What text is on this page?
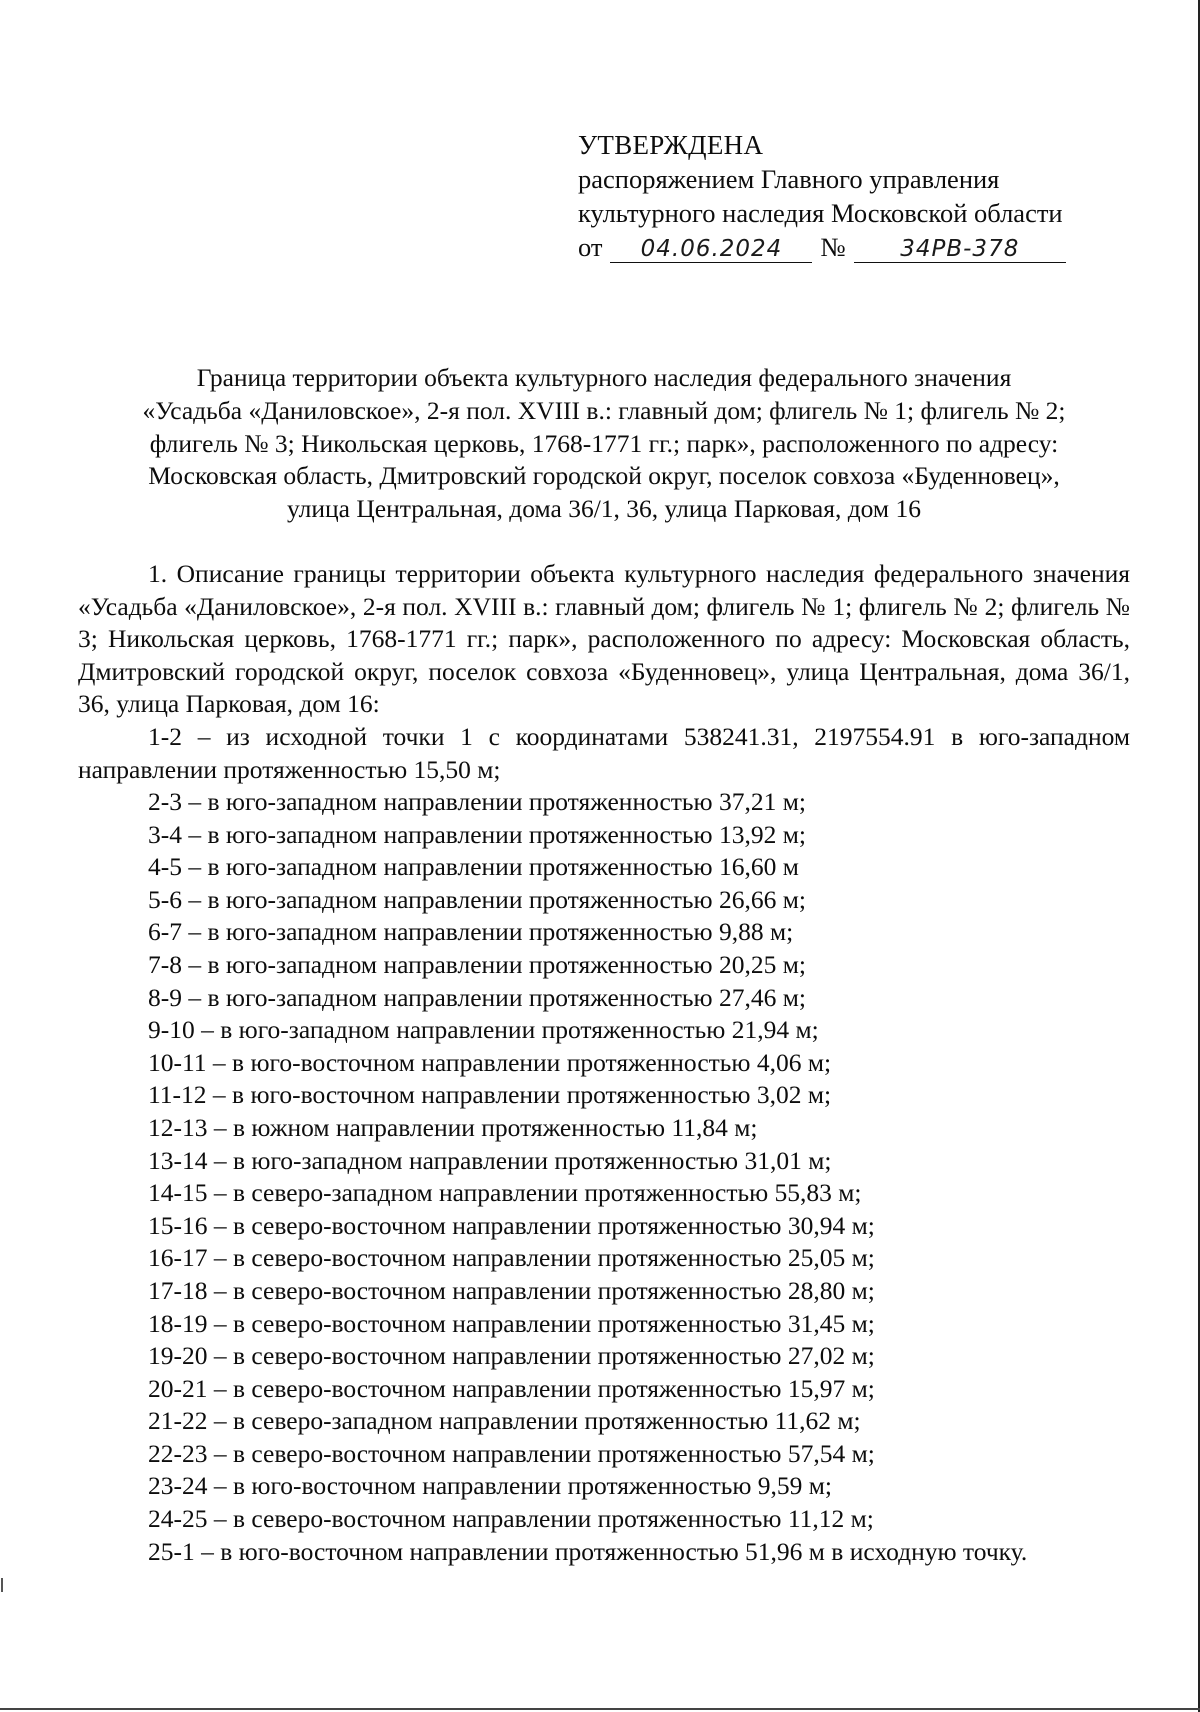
УТВЕРЖДЕНА
распоряжением Главного управления
культурного наследия Московской области
от 04.06.2024 № 34РВ-378
Граница территории объекта культурного наследия федерального значения
«Усадьба «Даниловское», 2-я пол. XVIII в.: главный дом; флигель № 1; флигель № 2;
флигель № 3; Никольская церковь, 1768-1771 гг.; парк», расположенного по адресу:
Московская область, Дмитровский городской округ, поселок совхоза «Буденновец»,
улица Центральная, дома 36/1, 36, улица Парковая, дом 16

1. Описание границы территории объекта культурного наследия федерального значения «Усадьба «Даниловское», 2-я пол. XVIII в.: главный дом; флигель № 1; флигель № 2; флигель № 3; Никольская церковь, 1768-1771 гг.; парк», расположенного по адресу: Московская область, Дмитровский городской округ, поселок совхоза «Буденновец», улица Центральная, дома 36/1, 36, улица Парковая, дом 16:

1-2 – из исходной точки 1 с координатами 538241.31, 2197554.91 в юго-западном направлении протяженностью 15,50 м;

2-3 – в юго-западном направлении протяженностью 37,21 м;
3-4 – в юго-западном направлении протяженностью 13,92 м;
4-5 – в юго-западном направлении протяженностью 16,60 м
5-6 – в юго-западном направлении протяженностью 26,66 м;
6-7 – в юго-западном направлении протяженностью 9,88 м;
7-8 – в юго-западном направлении протяженностью 20,25 м;
8-9 – в юго-западном направлении протяженностью 27,46 м;
9-10 – в юго-западном направлении протяженностью 21,94 м;
10-11 – в юго-восточном направлении протяженностью 4,06 м;
11-12 – в юго-восточном направлении протяженностью 3,02 м;
12-13 – в южном направлении протяженностью 11,84 м;
13-14 – в юго-западном направлении протяженностью 31,01 м;
14-15 – в северо-западном направлении протяженностью 55,83 м;
15-16 – в северо-восточном направлении протяженностью 30,94 м;
16-17 – в северо-восточном направлении протяженностью 25,05 м;
17-18 – в северо-восточном направлении протяженностью 28,80 м;
18-19 – в северо-восточном направлении протяженностью 31,45 м;
19-20 – в северо-восточном направлении протяженностью 27,02 м;
20-21 – в северо-восточном направлении протяженностью 15,97 м;
21-22 – в северо-западном направлении протяженностью 11,62 м;
22-23 – в северо-восточном направлении протяженностью 57,54 м;
23-24 – в юго-восточном направлении протяженностью 9,59 м;
24-25 – в северо-восточном направлении протяженностью 11,12 м;
25-1 – в юго-восточном направлении протяженностью 51,96 м в исходную точку.
